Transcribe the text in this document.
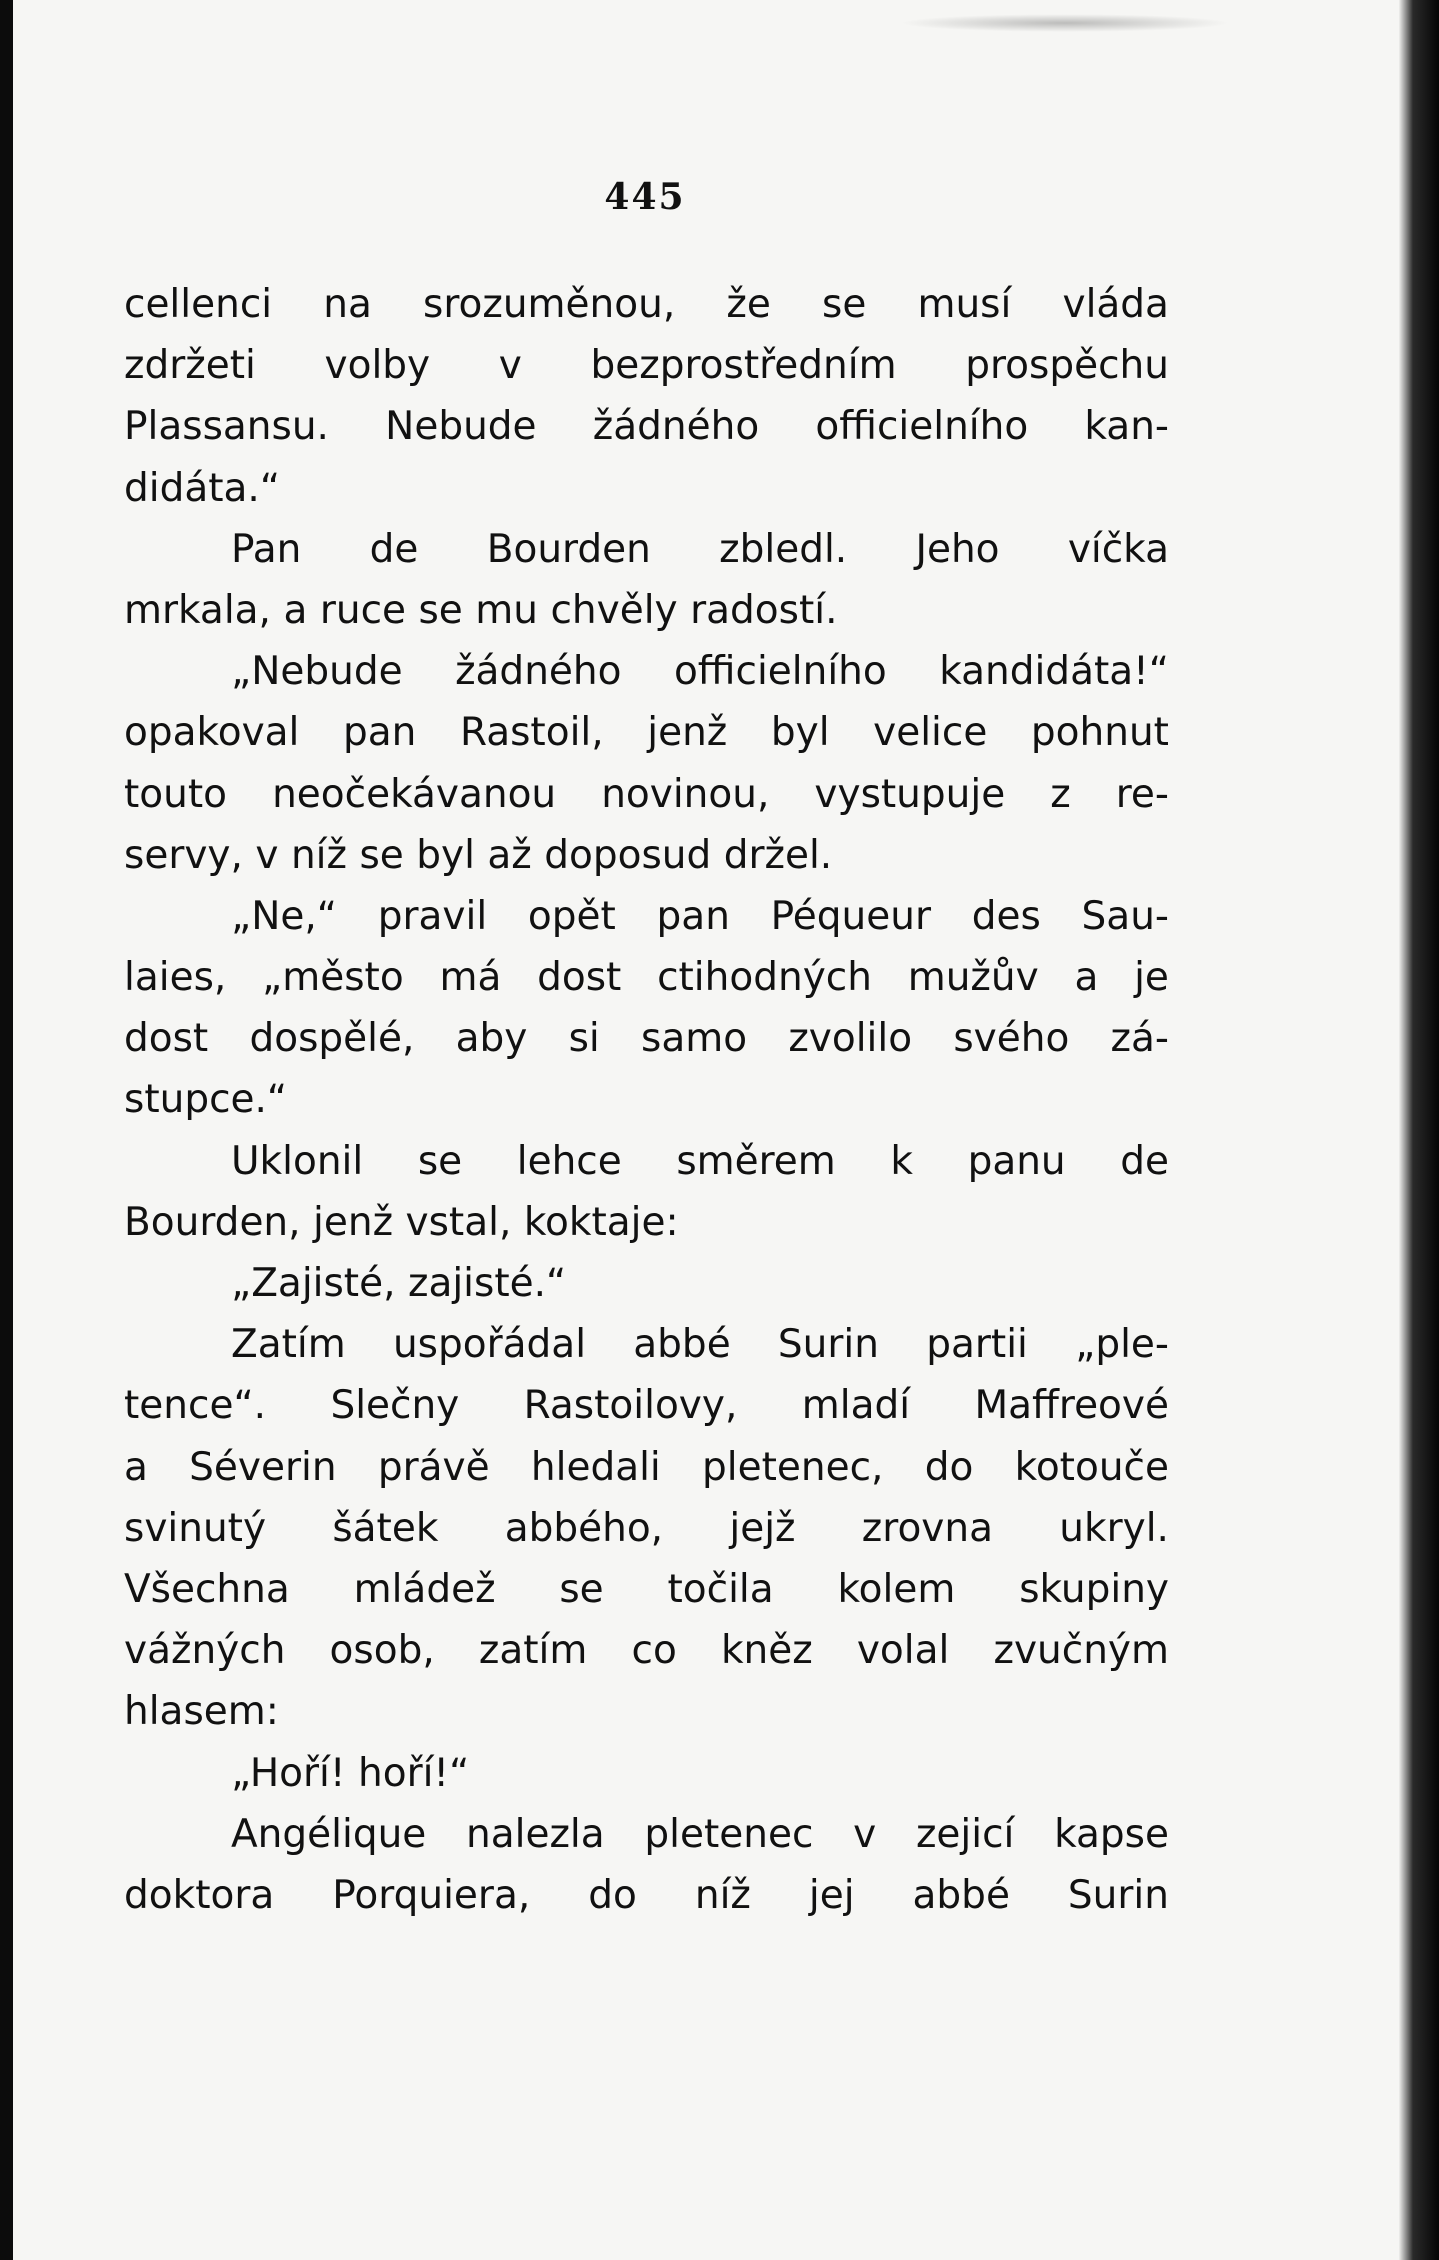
445
cellenci na srozuměnou, že se musí vláda
zdržeti volby v bezprostředním prospěchu
Plassansu. Nebude žádného officielního kan-
didáta.“
Pan de Bourden zbledl. Jeho víčka
mrkala, a ruce se mu chvěly radostí.
„Nebude žádného officielního kandidáta!“
opakoval pan Rastoil, jenž byl velice pohnut
touto neočekávanou novinou, vystupuje z re-
servy, v níž se byl až doposud držel.
„Ne,“ pravil opět pan Péqueur des Sau-
laies, „město má dost ctihodných mužův a je
dost dospělé, aby si samo zvolilo svého zá-
stupce.“
Uklonil se lehce směrem k panu de
Bourden, jenž vstal, koktaje:
„Zajisté, zajisté.“
Zatím uspořádal abbé Surin partii „ple-
tence“. Slečny Rastoilovy, mladí Maffreové
a Séverin právě hledali pletenec, do kotouče
svinutý šátek abbého, jejž zrovna ukryl.
Všechna mládež se točila kolem skupiny
vážných osob, zatím co kněz volal zvučným
hlasem:
„Hoří! hoří!“
Angélique nalezla pletenec v zejicí kapse
doktora Porquiera, do níž jej abbé Surin
